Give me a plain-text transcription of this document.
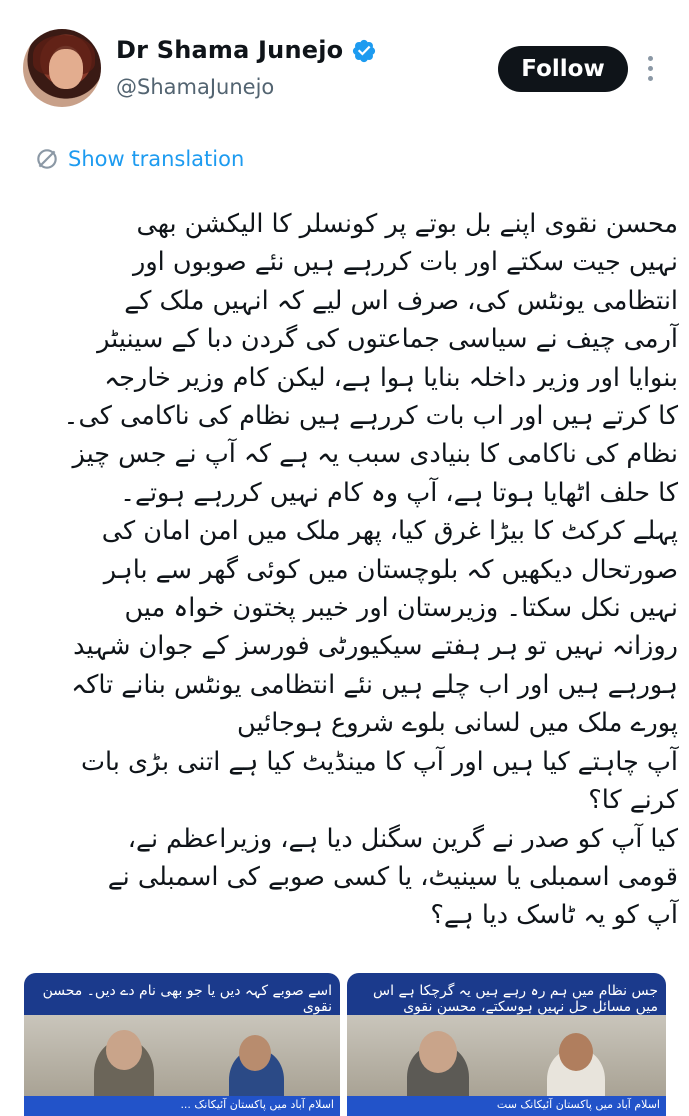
Dr Shama Junejo
@ShamaJunejo
Follow
Show translation

محسن نقوی اپنے بل بوتے پر کونسلر کا الیکشن بھی

نہیں جیت سکتے اور بات کررہے ہیں نئے صوبوں اور

انتظامی یونٹس کی، صرف اس لیے کہ انہیں ملک کے

آرمی چیف نے سیاسی جماعتوں کی گردن دبا کے سینیٹر

بنوایا اور وزیر داخلہ بنایا ہوا ہے، لیکن کام وزیر خارجہ

کا کرتے ہیں اور اب بات کررہے ہیں نظام کی ناکامی کی۔

نظام کی ناکامی کا بنیادی سبب یہ ہے کہ آپ نے جس چیز

کا حلف اٹھایا ہوتا ہے، آپ وہ کام نہیں کررہے ہوتے۔

پہلے کرکٹ کا بیڑا غرق کیا، پھر ملک میں امن امان کی

صورتحال دیکھیں کہ بلوچستان میں کوئی گھر سے باہر

نہیں نکل سکتا۔ وزیرستان اور خیبر پختون خواہ میں

روزانہ نہیں تو ہر ہفتے سیکیورٹی فورسز کے جوان شہید

ہورہے ہیں اور اب چلے ہیں نئے انتظامی یونٹس بنانے تاکہ

پورے ملک میں لسانی بلوے شروع ہوجائیں

آپ چاہتے کیا ہیں اور آپ کا مینڈیٹ کیا ہے اتنی بڑی بات

کرنے کا؟

کیا آپ کو صدر نے گرین سگنل دیا ہے، وزیراعظم نے،

قومی اسمبلی یا سینیٹ، یا کسی صوبے کی اسمبلی نے

آپ کو یہ ٹاسک دیا ہے؟

اسے صوبے کہہ دیں یا جو بھی نام دے دیں۔ محسن نقوی
اسلام آباد میں پاکستان آئیکانک ...
جس نظام میں ہم رہ رہے ہیں یہ گرچکا ہے اس میں مسائل حل نہیں ہوسکتے، محسن نقوی
اسلام آباد میں پاکستان آئیکانک ست
